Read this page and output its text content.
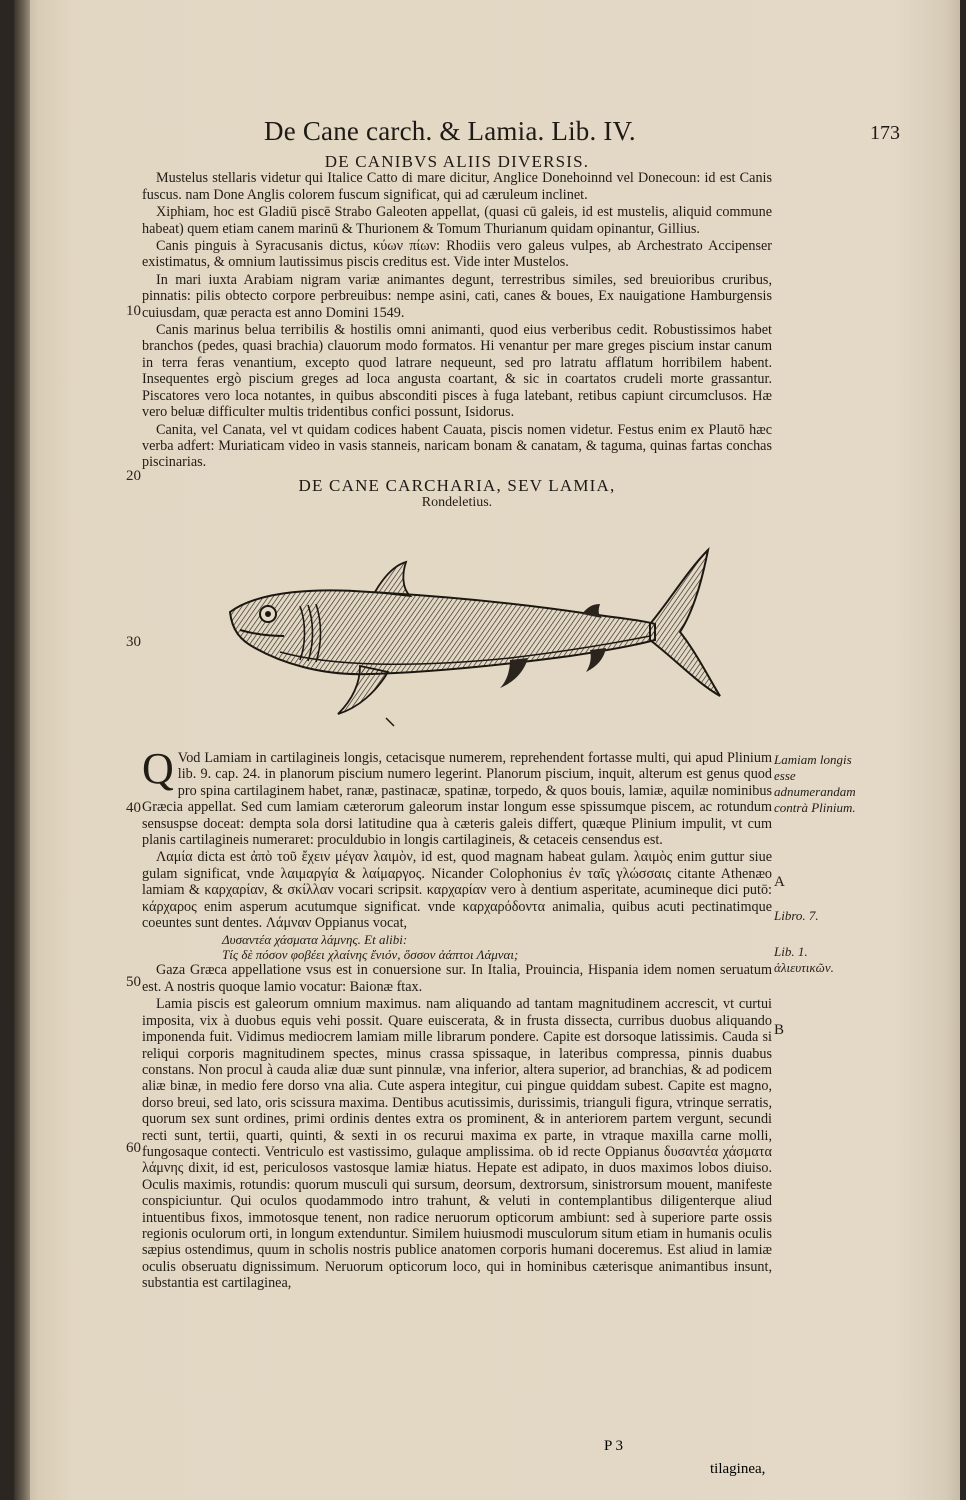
De Cane carch. & Lamia. Lib. IV.	173
DE CANIBVS ALIIS DIVERSIS.

Mustelus stellaris videtur qui Italice Catto di mare dicitur, Anglice Donehoinnd vel Donecoun: id est Canis fuscus. nam Done Anglis colorem fuscum significat, qui ad cæruleum inclinet.

Xiphiam, hoc est Gladiū piscē Strabo Galeoten appellat, (quasi cū galeis, id est mustelis, aliquid commune habeat) quem etiam canem marinū & Thurionem & Tomum Thurianum quidam opinantur, Gillius.

Canis pinguis à Syracusanis dictus, κύων πίων: Rhodiis vero galeus vulpes, ab Archestrato Accipenser existimatus, & omnium lautissimus piscis creditus est. Vide inter Mustelos.

In mari iuxta Arabiam nigram variæ animantes degunt, terrestribus similes, sed breuioribus cruribus, pinnatis: pilis obtecto corpore perbreuibus: nempe asini, cati, canes & boues, Ex nauigatione Hamburgensis cuiusdam, quæ peracta est anno Domini 1549.

Canis marinus belua terribilis & hostilis omni animanti, quod eius verberibus cedit. Robustissimos habet branchos (pedes, quasi brachia) clauorum modo formatos. Hi venantur per mare greges piscium instar canum in terra feras venantium, excepto quod latrare nequeunt, sed pro latratu afflatum horribilem habent. Insequentes ergò piscium greges ad loca angusta coartant, & sic in coartatos crudeli morte grassantur. Piscatores vero loca notantes, in quibus absconditi pisces à fuga latebant, retibus capiunt circumclusos. Hæ vero beluæ difficulter multis tridentibus confici possunt, Isidorus.

Canita, vel Canata, vel vt quidam codices habent Cauata, piscis nomen videtur. Festus enim ex Plautō hæc verba adfert: Muriaticam video in vasis stanneis, naricam bonam & canatam, & taguma, quinas fartas conchas piscinarias.

DE CANE CARCHARIA, SEV LAMIA,
Rondeletius.

Q Vod Lamiam in cartilagineis longis, cetacisque numerem, reprehendent fortasse multi, qui apud Plinium lib. 9. cap. 24. in planorum piscium numero legerint. Planorum piscium, inquit, alterum est genus quod pro spina cartilaginem habet, ranæ, pastinacæ, spatinæ, torpedo, & quos bouis, lamiæ, aquilæ nominibus Græcia appellat. Sed cum lamiam cæterorum galeorum instar longum esse spissumque piscem, ac rotundum sensuspse doceat: dempta sola dorsi latitudine qua à cæteris galeis differt, quæque Plinium impulit, vt cum planis cartilagineis numeraret: proculdubio in longis cartilagineis, & cetaceis censendus est.

Λαμία dicta est ἀπὸ τοῦ ἔχειν μέγαν λαιμὸν, id est, quod magnam habeat gulam. λαιμὸς enim guttur siue gulam significat, vnde λαιμαργία & λαίμαργος. Nicander Colophonius ἐν ταῖς γλώσσαις citante Athenæo lamiam & καρχαρίαν, & σκίλλαν vocari scripsit. καρχαρίαν vero à dentium asperitate, acumineque dici putō: κάρχαρος enim asperum acutumque significat. vnde καρχαρόδοντα animalia, quibus acuti pectinatimque coeuntes sunt dentes. Λάμναν Oppianus vocat,

Δυσαντέα χάσματα λάμνης. Et alibi:
Τίς δὲ πόσον φοβέει χλαίνης ἔνιόν, ὅσσον ἀάπτοι Λάμναι;

Gaza Græca appellatione vsus est in conuersione sur. In Italia, Prouincia, Hispania idem nomen seruatum est. A nostris quoque lamio vocatur: Baionæ ftax.

Lamia piscis est galeorum omnium maximus. nam aliquando ad tantam magnitudinem accrescit, vt curtui imposita, vix à duobus equis vehi possit. Quare euiscerata, & in frusta dissecta, curribus duobus aliquando imponenda fuit. Vidimus mediocrem lamiam mille librarum pondere. Capite est dorsoque latissimis. Cauda si reliqui corporis magnitudinem spectes, minus crassa spissaque, in lateribus compressa, pinnis duabus constans. Non procul à cauda aliæ duæ sunt pinnulæ, vna inferior, altera superior, ad branchias, & ad podicem aliæ binæ, in medio fere dorso vna alia. Cute aspera integitur, cui pingue quiddam subest. Capite est magno, dorso breui, sed lato, oris scissura maxima. Dentibus acutissimis, durissimis, trianguli figura, vtrinque serratis, quorum sex sunt ordines, primi ordinis dentes extra os prominent, & in anteriorem partem vergunt, secundi recti sunt, tertii, quarti, quinti, & sexti in os recurui maxima ex parte, in vtraque maxilla carne molli, fungosaque contecti. Ventriculo est vastissimo, gulaque amplissima. ob id recte Oppianus δυσαντέα χάσματα λάμνης dixit, id est, periculosos vastosque lamiæ hiatus. Hepate est adipato, in duos maximos lobos diuiso. Oculis maximis, rotundis: quorum musculi qui sursum, deorsum, dextrorsum, sinistrorsum mouent, manifeste conspiciuntur. Qui oculos quodammodo intro trahunt, & veluti in contemplantibus diligenterque aliud intuentibus fixos, immotosque tenent, non radice neruorum opticorum ambiunt: sed à superiore parte ossis regionis oculorum orti, in longum extenduntur. Similem huiusmodi musculorum situm etiam in humanis oculis sæpius ostendimus, quum in scholis nostris publice anatomen corporis humani doceremus. Est aliud in lamiæ oculis obseruatu dignissimum. Neruorum opticorum loco, qui in hominibus cæterisque animantibus insunt, substantia est cartilaginea,

10
20
30
40
50
60
Lamiam longis esse adnumerandam contrà Plinium.
A
Libro. 7.
Lib. 1. ἁλιευτικῶν.
B
P 3
tilaginea,
